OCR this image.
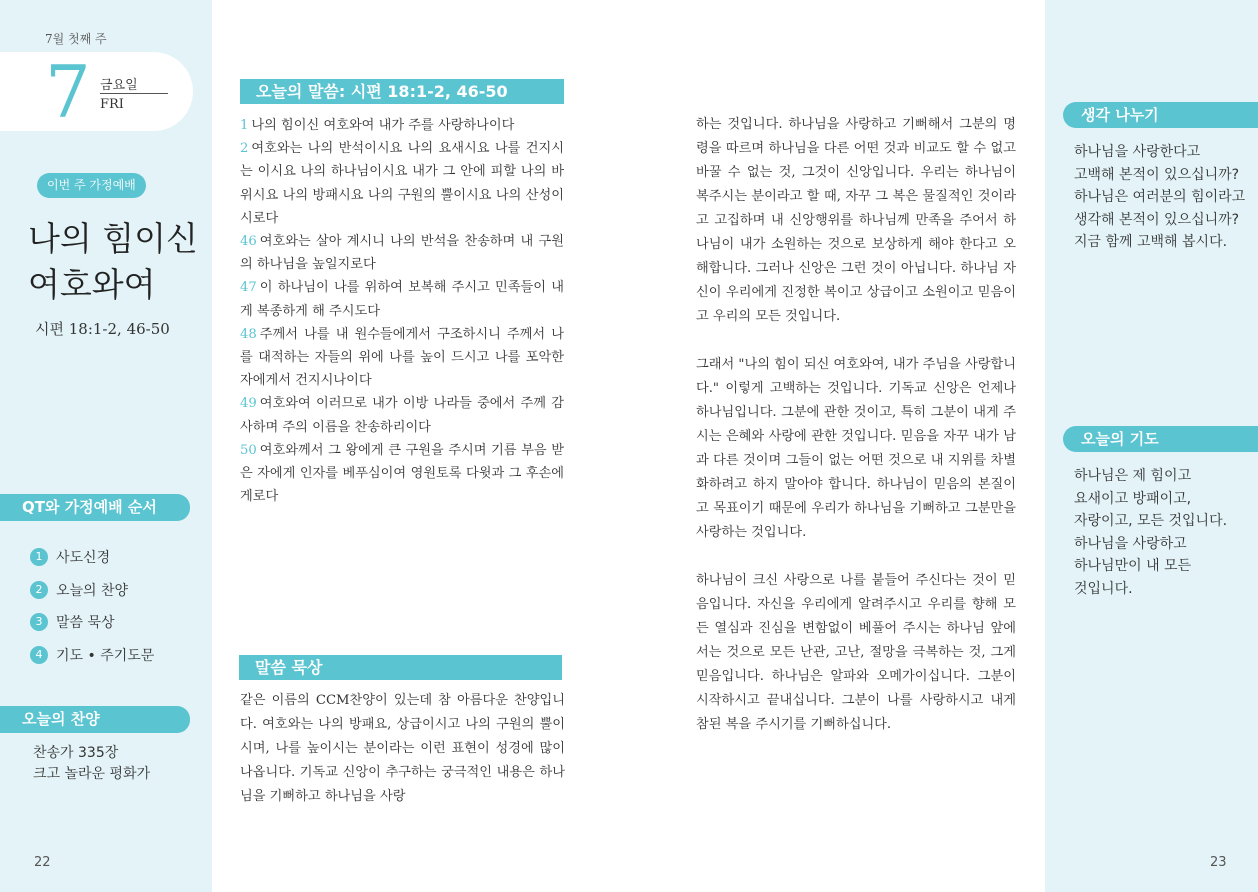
7월 첫째 주
7 금요일
FRI
이번 주 가정예배
나의 힘이신
여호와여
시편 18:1-2, 46-50
QT와 가정예배 순서
1 사도신경
2 오늘의 찬양
3 말씀 묵상
4 기도 • 주기도문
오늘의 찬양
찬송가 335장
크고 놀라운 평화가
22
오늘의 말씀: 시편 18:1-2, 46-50
1 나의 힘이신 여호와여 내가 주를 사랑하나이다
2 여호와는 나의 반석이시요 나의 요새시요 나를 건지시는 이시요 나의 하나님이시요 내가 그 안에 피할 나의 바위시요 나의 방패시요 나의 구원의 뿔이시요 나의 산성이시로다
46 여호와는 살아 계시니 나의 반석을 찬송하며 내 구원의 하나님을 높일지로다
47 이 하나님이 나를 위하여 보복해 주시고 민족들이 내게 복종하게 해 주시도다
48 주께서 나를 내 원수들에게서 구조하시니 주께서 나를 대적하는 자들의 위에 나를 높이 드시고 나를 포악한 자에게서 건지시나이다
49 여호와여 이러므로 내가 이방 나라들 중에서 주께 감사하며 주의 이름을 찬송하리이다
50 여호와께서 그 왕에게 큰 구원을 주시며 기름 부음 받은 자에게 인자를 베푸심이여 영원토록 다윗과 그 후손에게로다
말씀 묵상
같은 이름의 CCM찬양이 있는데 참 아름다운 찬양입니다. 여호와는 나의 방패요, 상급이시고 나의 구원의 뿔이시며, 나를 높이시는 분이라는 이런 표현이 성경에 많이 나옵니다. 기독교 신앙이 추구하는 궁극적인 내용은 하나님을 기뻐하고 하나님을 사랑

하는 것입니다. 하나님을 사랑하고 기뻐해서 그분의 명령을 따르며 하나님을 다른 어떤 것과 비교도 할 수 없고 바꿀 수 없는 것, 그것이 신앙입니다. 우리는 하나님이 복주시는 분이라고 할 때, 자꾸 그 복은 물질적인 것이라고 고집하며 내 신앙행위를 하나님께 만족을 주어서 하나님이 내가 소원하는 것으로 보상하게 해야 한다고 오해합니다. 그러나 신앙은 그런 것이 아닙니다. 하나님 자신이 우리에게 진정한 복이고 상급이고 소원이고 믿음이고 우리의 모든 것입니다.

그래서 "나의 힘이 되신 여호와여, 내가 주님을 사랑합니다." 이렇게 고백하는 것입니다. 기독교 신앙은 언제나 하나님입니다. 그분에 관한 것이고, 특히 그분이 내게 주시는 은혜와 사랑에 관한 것입니다. 믿음을 자꾸 내가 남과 다른 것이며 그들이 없는 어떤 것으로 내 지위를 차별화하려고 하지 말아야 합니다. 하나님이 믿음의 본질이고 목표이기 때문에 우리가 하나님을 기뻐하고 그분만을 사랑하는 것입니다.

하나님이 크신 사랑으로 나를 붙들어 주신다는 것이 믿음입니다. 자신을 우리에게 알려주시고 우리를 향해 모든 열심과 진심을 변함없이 베풀어 주시는 하나님 앞에 서는 것으로 모든 난관, 고난, 절망을 극복하는 것, 그게 믿음입니다. 하나님은 알파와 오메가이십니다. 그분이 시작하시고 끝내십니다. 그분이 나를 사랑하시고 내게 참된 복을 주시기를 기뻐하십니다.

23
생각 나누기
하나님을 사랑한다고
고백해 본적이 있으십니까?
하나님은 여러분의 힘이라고
생각해 본적이 있으십니까?
지금 함께 고백해 봅시다.
오늘의 기도
하나님은 제 힘이고
요새이고 방패이고,
자랑이고, 모든 것입니다.
하나님을 사랑하고
하나님만이 내 모든
것입니다.
